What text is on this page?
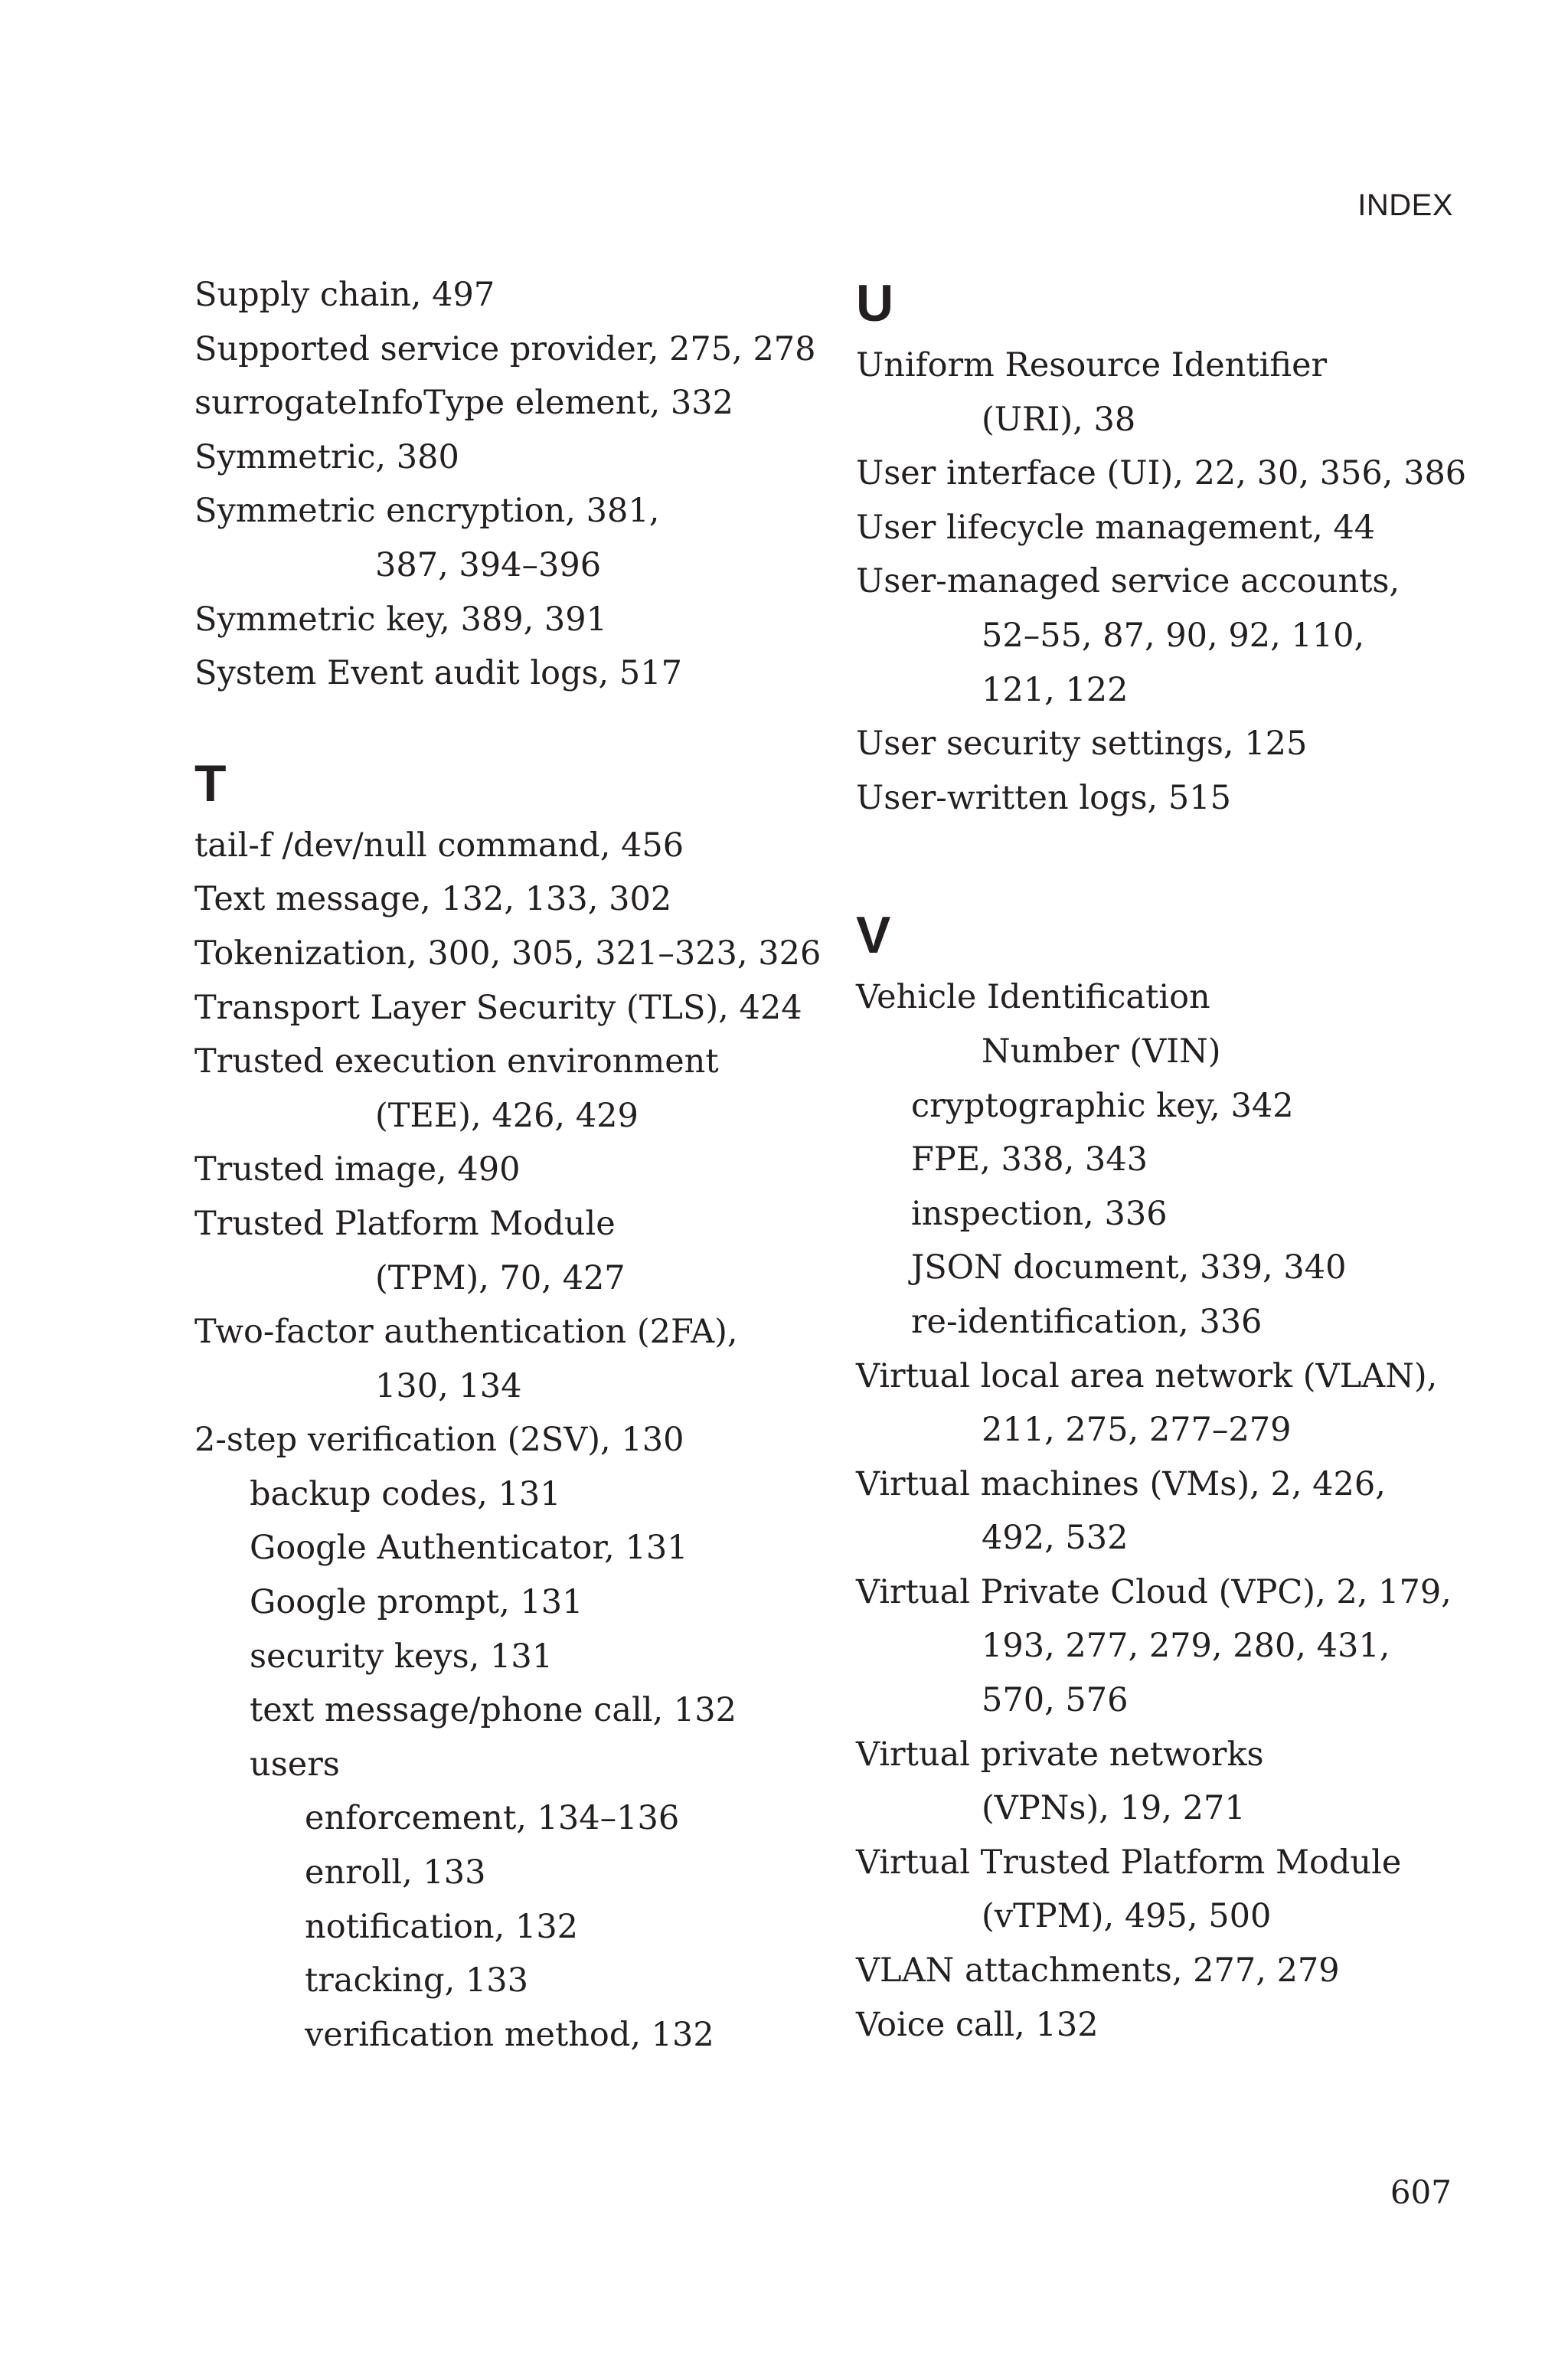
INDEX

Supply chain, 497

Supported service provider, 275, 278

surrogateInfoType element, 332

Symmetric, 380

Symmetric encryption, 381,

387, 394–396

Symmetric key, 389, 391

System Event audit logs, 517

T

tail-f /dev/null command, 456

Text message, 132, 133, 302

Tokenization, 300, 305, 321–323, 326

Transport Layer Security (TLS), 424

Trusted execution environment

(TEE), 426, 429

Trusted image, 490

Trusted Platform Module

(TPM), 70, 427

Two-factor authentication (2FA),

130, 134

2-step verification (2SV), 130

backup codes, 131

Google Authenticator, 131

Google prompt, 131

security keys, 131

text message/phone call, 132

users

enforcement, 134–136

enroll, 133

notification, 132

tracking, 133

verification method, 132

U

Uniform Resource Identifier

(URI), 38

User interface (UI), 22, 30, 356, 386

User lifecycle management, 44

User-managed service accounts,

52–55, 87, 90, 92, 110,

121, 122

User security settings, 125

User-written logs, 515

V

Vehicle Identification

Number (VIN)

cryptographic key, 342

FPE, 338, 343

inspection, 336

JSON document, 339, 340

re-identification, 336

Virtual local area network (VLAN),

211, 275, 277–279

Virtual machines (VMs), 2, 426,

492, 532

Virtual Private Cloud (VPC), 2, 179,

193, 277, 279, 280, 431,

570, 576

Virtual private networks

(VPNs), 19, 271

Virtual Trusted Platform Module

(vTPM), 495, 500

VLAN attachments, 277, 279

Voice call, 132

607
